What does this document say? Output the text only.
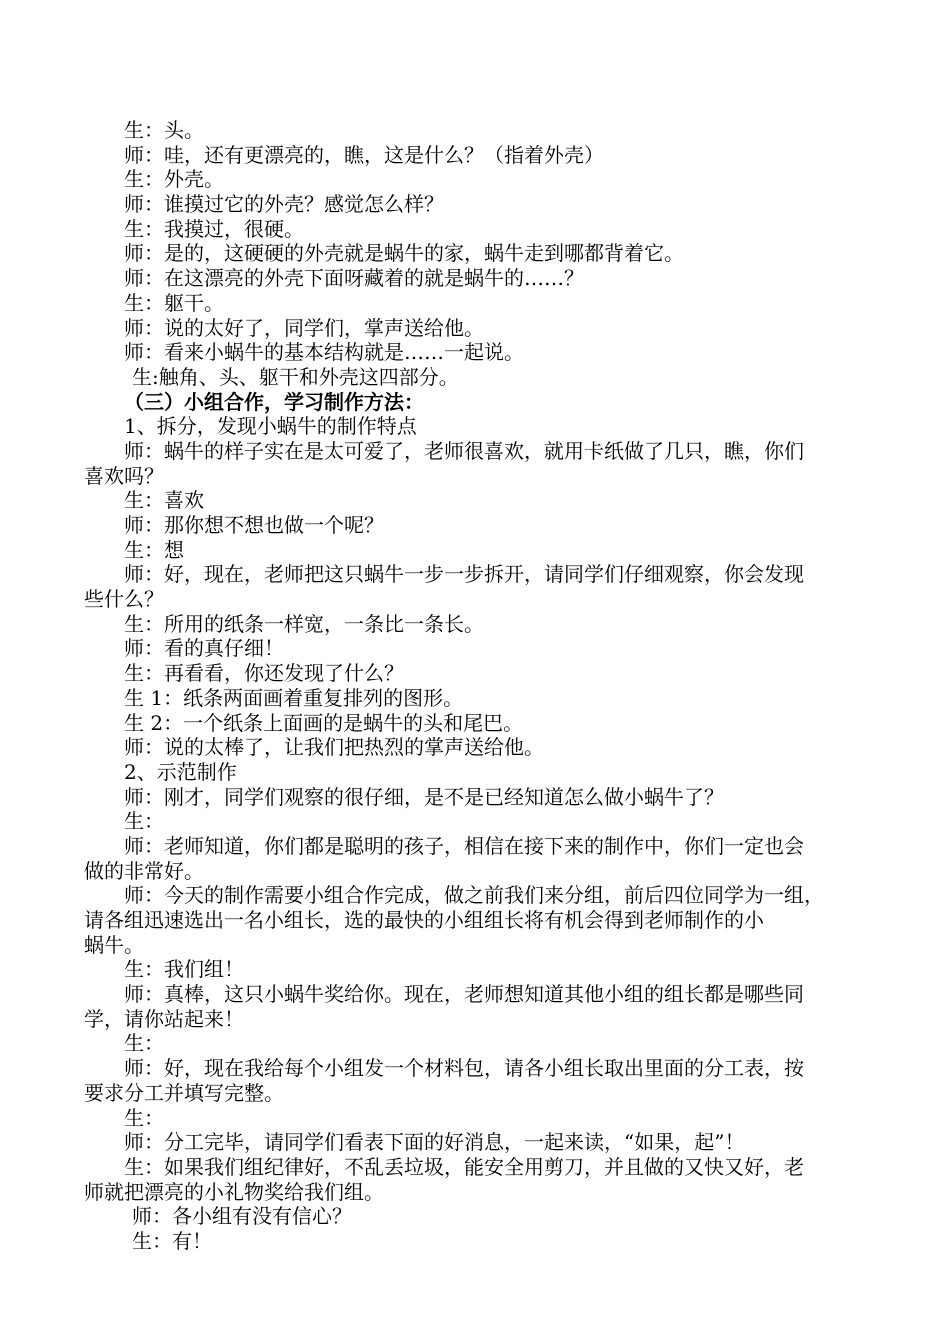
生：头。
师：哇，还有更漂亮的，瞧，这是什么？（指着外壳）
生：外壳。
师：谁摸过它的外壳？感觉怎么样？
生：我摸过，很硬。
师：是的，这硬硬的外壳就是蜗牛的家，蜗牛走到哪都背着它。
师：在这漂亮的外壳下面呀藏着的就是蜗牛的……？
生：躯干。
师：说的太好了，同学们，掌声送给他。
师：看来小蜗牛的基本结构就是……一起说。
生:触角、头、躯干和外壳这四部分。
（三）小组合作，学习制作方法：
1、拆分，发现小蜗牛的制作特点
师：蜗牛的样子实在是太可爱了，老师很喜欢，就用卡纸做了几只，瞧，你们
喜欢吗？
生：喜欢
师：那你想不想也做一个呢？
生：想
师：好，现在，老师把这只蜗牛一步一步拆开，请同学们仔细观察，你会发现
些什么？
生：所用的纸条一样宽，一条比一条长。
师：看的真仔细！
生：再看看，你还发现了什么？
生 1：纸条两面画着重复排列的图形。
生 2：一个纸条上面画的是蜗牛的头和尾巴。
师：说的太棒了，让我们把热烈的掌声送给他。
2、示范制作
师：刚才，同学们观察的很仔细，是不是已经知道怎么做小蜗牛了？
生：
师：老师知道，你们都是聪明的孩子，相信在接下来的制作中，你们一定也会
做的非常好。
师：今天的制作需要小组合作完成，做之前我们来分组，前后四位同学为一组，
请各组迅速选出一名小组长，选的最快的小组组长将有机会得到老师制作的小
蜗牛。
生：我们组！
师：真棒，这只小蜗牛奖给你。现在，老师想知道其他小组的组长都是哪些同
学，请你站起来！
生：
师：好，现在我给每个小组发一个材料包，请各小组长取出里面的分工表，按
要求分工并填写完整。
生：
师：分工完毕，请同学们看表下面的好消息，一起来读，“如果，起”！
生：如果我们组纪律好，不乱丢垃圾，能安全用剪刀，并且做的又快又好，老
师就把漂亮的小礼物奖给我们组。
师：各小组有没有信心？
生：有！
